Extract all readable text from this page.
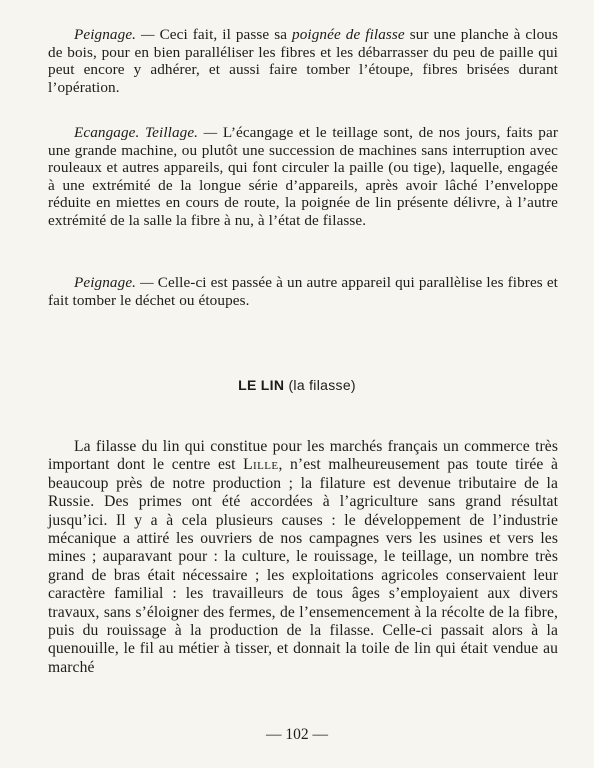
Peignage. — Ceci fait, il passe sa poignée de filasse sur une planche à clous de bois, pour en bien paralléliser les fibres et les débarrasser du peu de paille qui peut encore y adhérer, et aussi faire tomber l’étoupe, fibres brisées durant l’opération.

Ecangage. Teillage. — L’écangage et le teillage sont, de nos jours, faits par une grande machine, ou plutôt une succession de machines sans interruption avec rouleaux et autres appareils, qui font circuler la paille (ou tige), laquelle, engagée à une extrémité de la longue série d’appareils, après avoir lâché l’enveloppe réduite en miettes en cours de route, la poignée de lin présente délivre, à l’autre extrémité de la salle la fibre à nu, à l’état de filasse.

Peignage. — Celle-ci est passée à un autre appareil qui parallèlise les fibres et fait tomber le déchet ou étoupes.

LE LIN (la filasse)

La filasse du lin qui constitue pour les marchés français un commerce très important dont le centre est Lille, n’est malheureusement pas toute tirée à beaucoup près de notre production ; la filature est devenue tributaire de la Russie. Des primes ont été accordées à l’agriculture sans grand résultat jusqu’ici. Il y a à cela plusieurs causes : le développement de l’industrie mécanique a attiré les ouvriers de nos campagnes vers les usines et vers les mines ; auparavant pour : la culture, le rouissage, le teillage, un nombre très grand de bras était nécessaire ; les exploitations agricoles conservaient leur caractère familial : les travailleurs de tous âges s’employaient aux divers travaux, sans s’éloigner des fermes, de l’ensemencement à la récolte de la fibre, puis du rouissage à la production de la filasse. Celle-ci passait alors à la quenouille, le fil au métier à tisser, et donnait la toile de lin qui était vendue au marché

— 102 —
